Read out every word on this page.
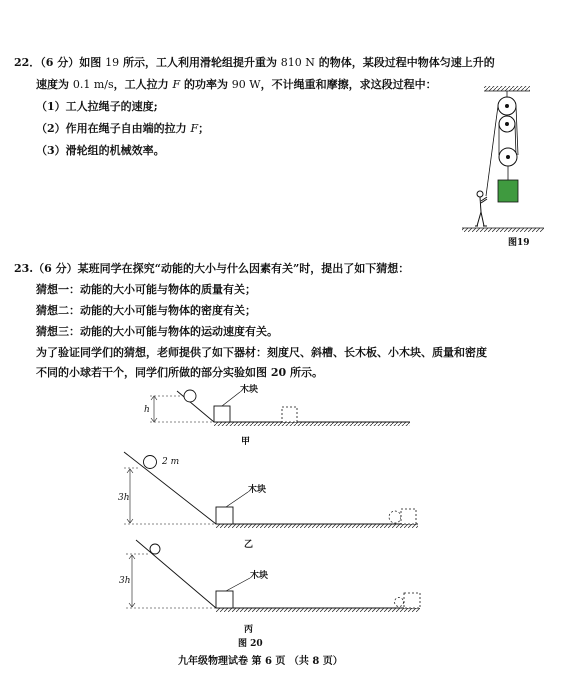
22．（6 分）如图 19 所示，工人利用滑轮组提升重为 810 N 的物体，某段过程中物体匀速上升的
速度为 0.1 m/s，工人拉力 F 的功率为 90 W，不计绳重和摩擦，求这段过程中：
（1）工人拉绳子的速度;
（2）作用在绳子自由端的拉力 F；
（3）滑轮组的机械效率。
图19
23.（6 分）某班同学在探究“动能的大小与什么因素有关”时，提出了如下猜想：
猜想一：动能的大小可能与物体的质量有关；
猜想二：动能的大小可能与物体的密度有关；
猜想三：动能的大小可能与物体的运动速度有关。
为了验证同学们的猜想，老师提供了如下器材：刻度尺、斜槽、长木板、小木块、质量和密度
不同的小球若干个，同学们所做的部分实验如图 20 所示。
h
木块
甲
3h
2 m
木块
乙
3h	木块
丙
图 20
九年级物理试卷 第 6 页 （共 8 页）
